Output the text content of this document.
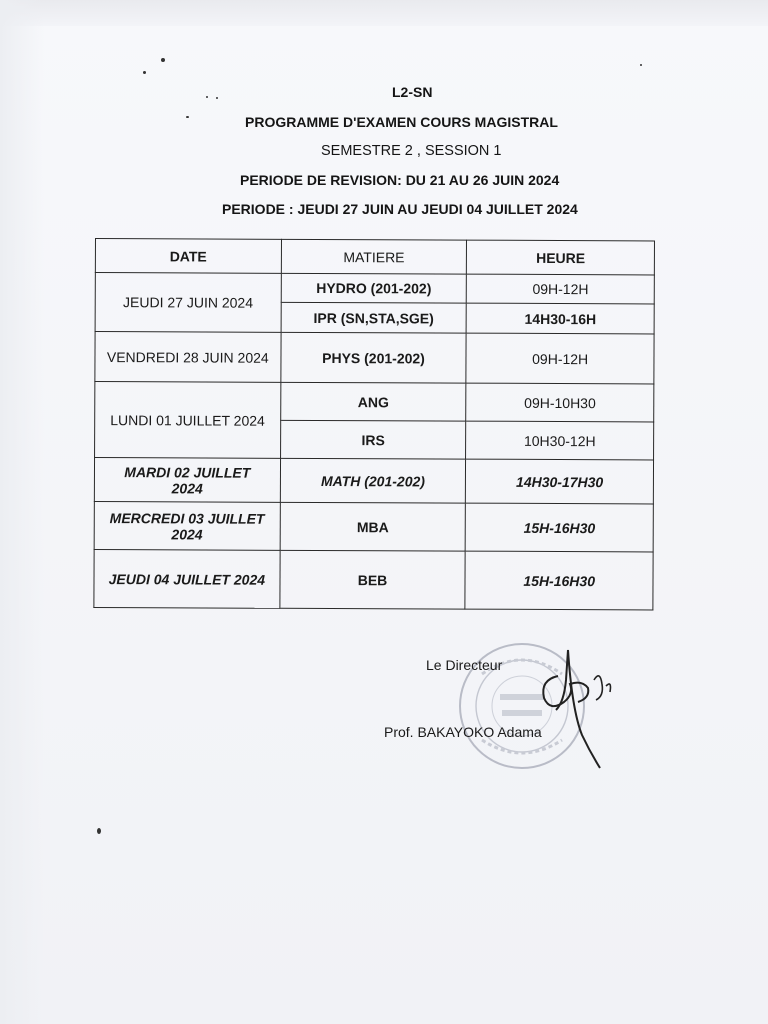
L2-SN
PROGRAMME D'EXAMEN COURS MAGISTRAL
SEMESTRE 2 , SESSION 1
PERIODE DE REVISION: DU 21 AU 26 JUIN 2024
PERIODE : JEUDI 27 JUIN AU JEUDI 04 JUILLET 2024
DATE	MATIERE	HEURE
JEUDI 27 JUIN 2024	HYDRO (201-202)	09H-12H
	IPR (SN,STA,SGE)	14H30-16H
VENDREDI 28 JUIN 2024	PHYS (201-202)	09H-12H
LUNDI 01 JUILLET 2024	ANG	09H-10H30
	IRS	10H30-12H
MARDI 02 JUILLET
2024	MATH (201-202)	14H30-17H30
MERCREDI 03 JUILLET
2024	MBA	15H-16H30
JEUDI 04 JUILLET 2024	BEB	15H-16H30
Le Directeur
Prof. BAKAYOKO Adama
